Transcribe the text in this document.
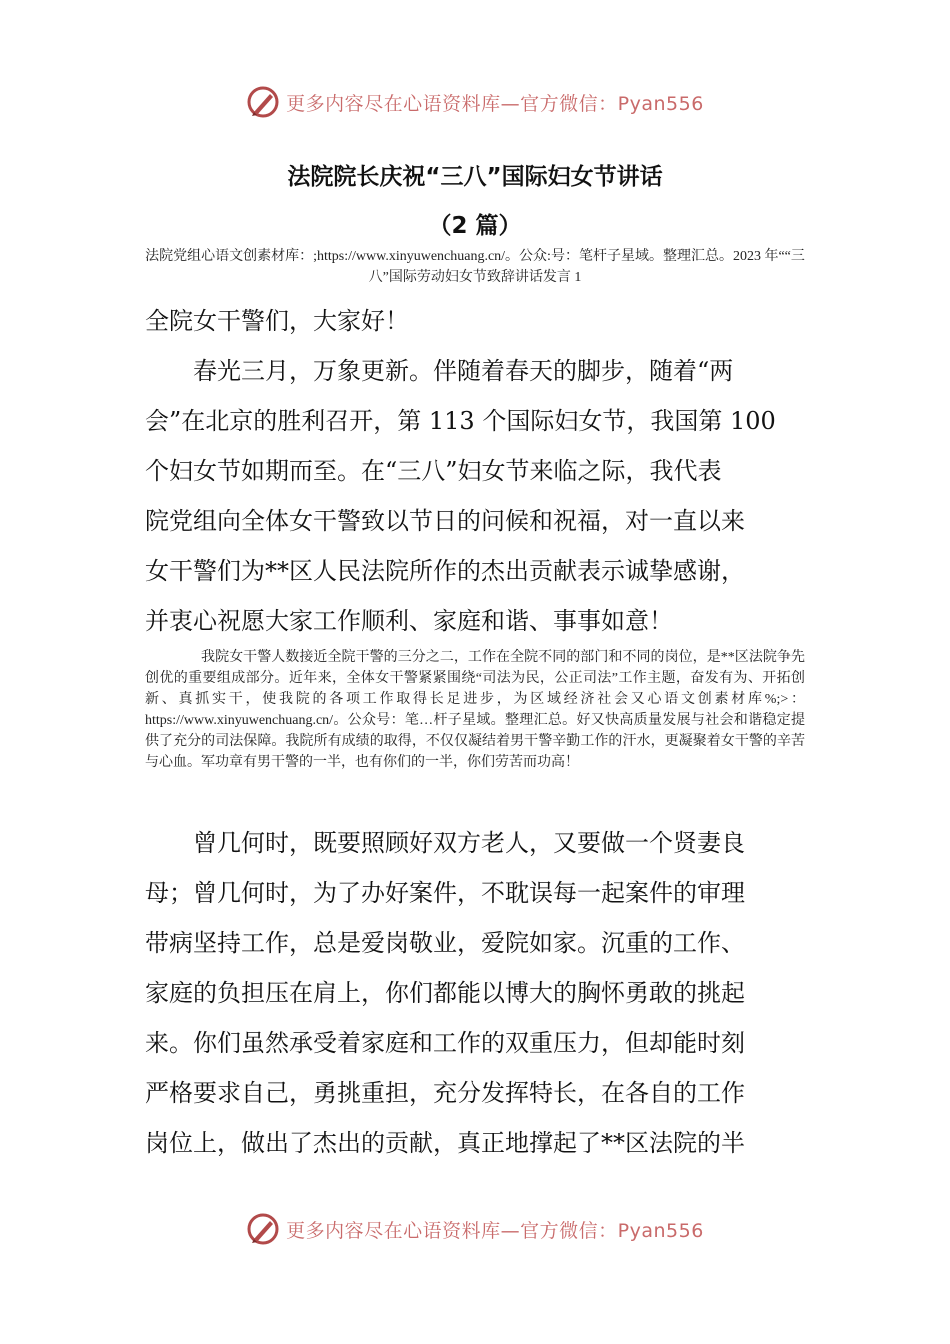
更多内容尽在心语资料库—官方微信：Pyan556
法院院长庆祝“三八”国际妇女节讲话
（2 篇）
法院党组心语文创素材库：;https://www.xinyuwenchuang.cn/。公众:号：笔杆子星域。整理汇总。2023 年““三八”国际劳动妇女节致辞讲话发言 1
全院女干警们，大家好！
　　春光三月，万象更新。伴随着春天的脚步，随着“两
会”在北京的胜利召开，第 113 个国际妇女节，我国第 100
个妇女节如期而至。在“三八”妇女节来临之际，我代表
院党组向全体女干警致以节日的问候和祝福，对一直以来
女干警们为**区人民法院所作的杰出贡献表示诚挚感谢，
并衷心祝愿大家工作顺利、家庭和谐、事事如意！
我院女干警人数接近全院干警的三分之二，工作在全院不同的部门和不同的岗位，是**区法院争先创优的重要组成部分。近年来，全体女干警紧紧围绕“司法为民，公正司法”工作主题，奋发有为、开拓创新、真抓实干，使我院的各项工作取得长足进步，为区域经济社会又心语文创素材库%;>：https://www.xinyuwenchuang.cn/。公众号：笔…杆子星域。整理汇总。好又快高质量发展与社会和谐稳定提供了充分的司法保障。我院所有成绩的取得，不仅仅凝结着男干警辛勤工作的汗水，更凝聚着女干警的辛苦与心血。军功章有男干警的一半，也有你们的一半，你们劳苦而功高！
　　曾几何时，既要照顾好双方老人，又要做一个贤妻良
母；曾几何时，为了办好案件，不耽误每一起案件的审理
带病坚持工作，总是爱岗敬业，爱院如家。沉重的工作、
家庭的负担压在肩上，你们都能以博大的胸怀勇敢的挑起
来。你们虽然承受着家庭和工作的双重压力，但却能时刻
严格要求自己，勇挑重担，充分发挥特长，在各自的工作
岗位上，做出了杰出的贡献，真正地撑起了**区法院的半
更多内容尽在心语资料库—官方微信：Pyan556
